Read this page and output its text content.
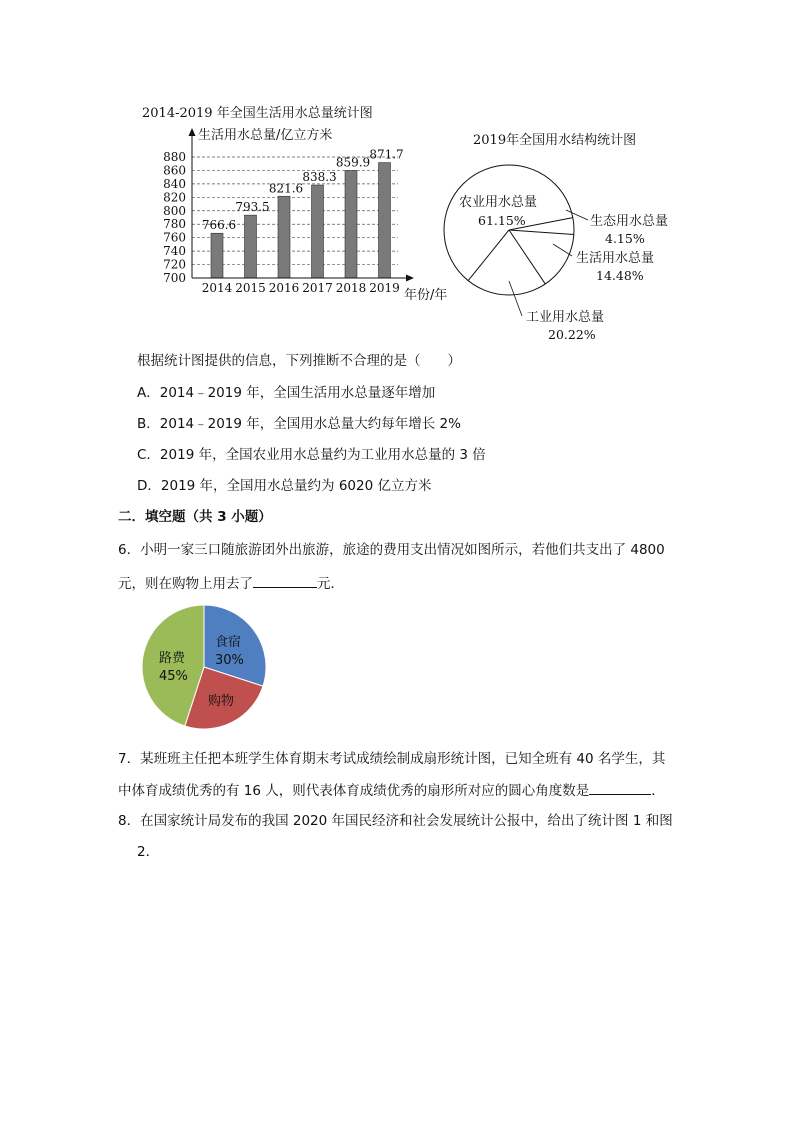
2014-2019 年全国生活用水总量统计图
生活用水总量/亿立方米
年份/年
880
860
840
820
800
780
760
740
720
700
766.6
2014
793.5
2015
821.6
2016
838.3
2017
859.9
2018
871.7
2019
2019年全国用水结构统计图
农业用水总量
61.15%	生态用水总量
4.15%
生活用水总量
14.48%
工业用水总量
20.22%
根据统计图提供的信息，下列推断不合理的是（　　）
A．2014﹣2019 年，全国生活用水总量逐年增加
B．2014﹣2019 年，全国用水总量大约每年增长 2%
C．2019 年，全国农业用水总量约为工业用水总量的 3 倍
D．2019 年，全国用水总量约为 6020 亿立方米
二．填空题（共 3 小题）
6．小明一家三口随旅游团外出旅游，旅途的费用支出情况如图所示，若他们共支出了 4800
元，则在购物上用去了	元．
食宿
30%
购物
路费
45%
7．某班班主任把本班学生体育期末考试成绩绘制成扇形统计图，已知全班有 40 名学生，其
中体育成绩优秀的有 16 人，则代表体育成绩优秀的扇形所对应的圆心角度数是	．
8．在国家统计局发布的我国 2020 年国民经济和社会发展统计公报中，给出了统计图 1 和图
2．
